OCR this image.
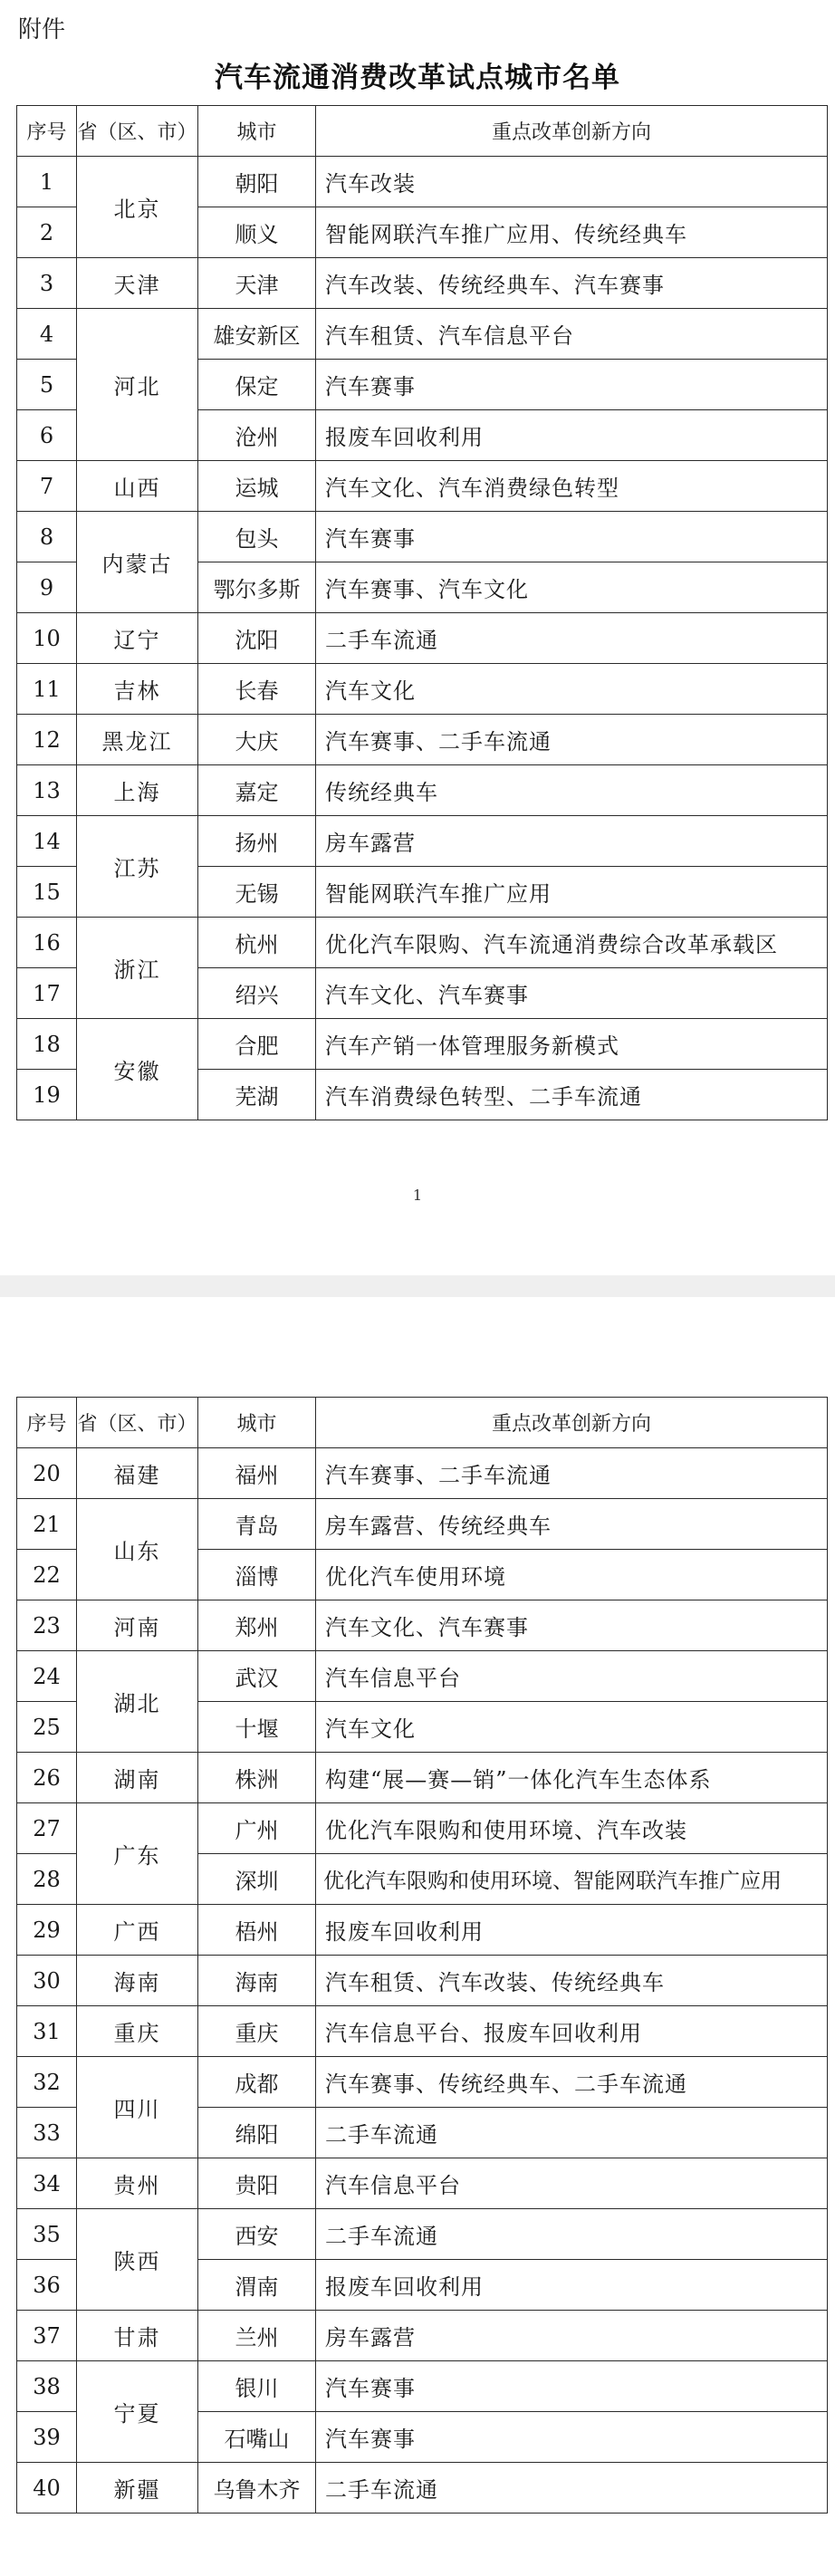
附件
汽车流通消费改革试点城市名单
序号	省（区、市）	城市	重点改革创新方向
1	北京	朝阳	汽车改装
2		顺义	智能网联汽车推广应用、传统经典车
3	天津	天津	汽车改装、传统经典车、汽车赛事
4	河北	雄安新区	汽车租赁、汽车信息平台
5		保定	汽车赛事
6		沧州	报废车回收利用
7	山西	运城	汽车文化、汽车消费绿色转型
8	内蒙古	包头	汽车赛事
9		鄂尔多斯	汽车赛事、汽车文化
10	辽宁	沈阳	二手车流通
11	吉林	长春	汽车文化
12	黑龙江	大庆	汽车赛事、二手车流通
13	上海	嘉定	传统经典车
14	江苏	扬州	房车露营
15		无锡	智能网联汽车推广应用
16	浙江	杭州	优化汽车限购、汽车流通消费综合改革承载区
17		绍兴	汽车文化、汽车赛事
18	安徽	合肥	汽车产销一体管理服务新模式
19		芜湖	汽车消费绿色转型、二手车流通
1
序号	省（区、市）	城市	重点改革创新方向
20	福建	福州	汽车赛事、二手车流通
21	山东	青岛	房车露营、传统经典车
22		淄博	优化汽车使用环境
23	河南	郑州	汽车文化、汽车赛事
24	湖北	武汉	汽车信息平台
25		十堰	汽车文化
26	湖南	株洲	构建“展—赛—销”一体化汽车生态体系
27	广东	广州	优化汽车限购和使用环境、汽车改装
28		深圳	优化汽车限购和使用环境、智能网联汽车推广应用
29	广西	梧州	报废车回收利用
30	海南	海南	汽车租赁、汽车改装、传统经典车
31	重庆	重庆	汽车信息平台、报废车回收利用
32	四川	成都	汽车赛事、传统经典车、二手车流通
33		绵阳	二手车流通
34	贵州	贵阳	汽车信息平台
35	陕西	西安	二手车流通
36		渭南	报废车回收利用
37	甘肃	兰州	房车露营
38	宁夏	银川	汽车赛事
39		石嘴山	汽车赛事
40	新疆	乌鲁木齐	二手车流通
